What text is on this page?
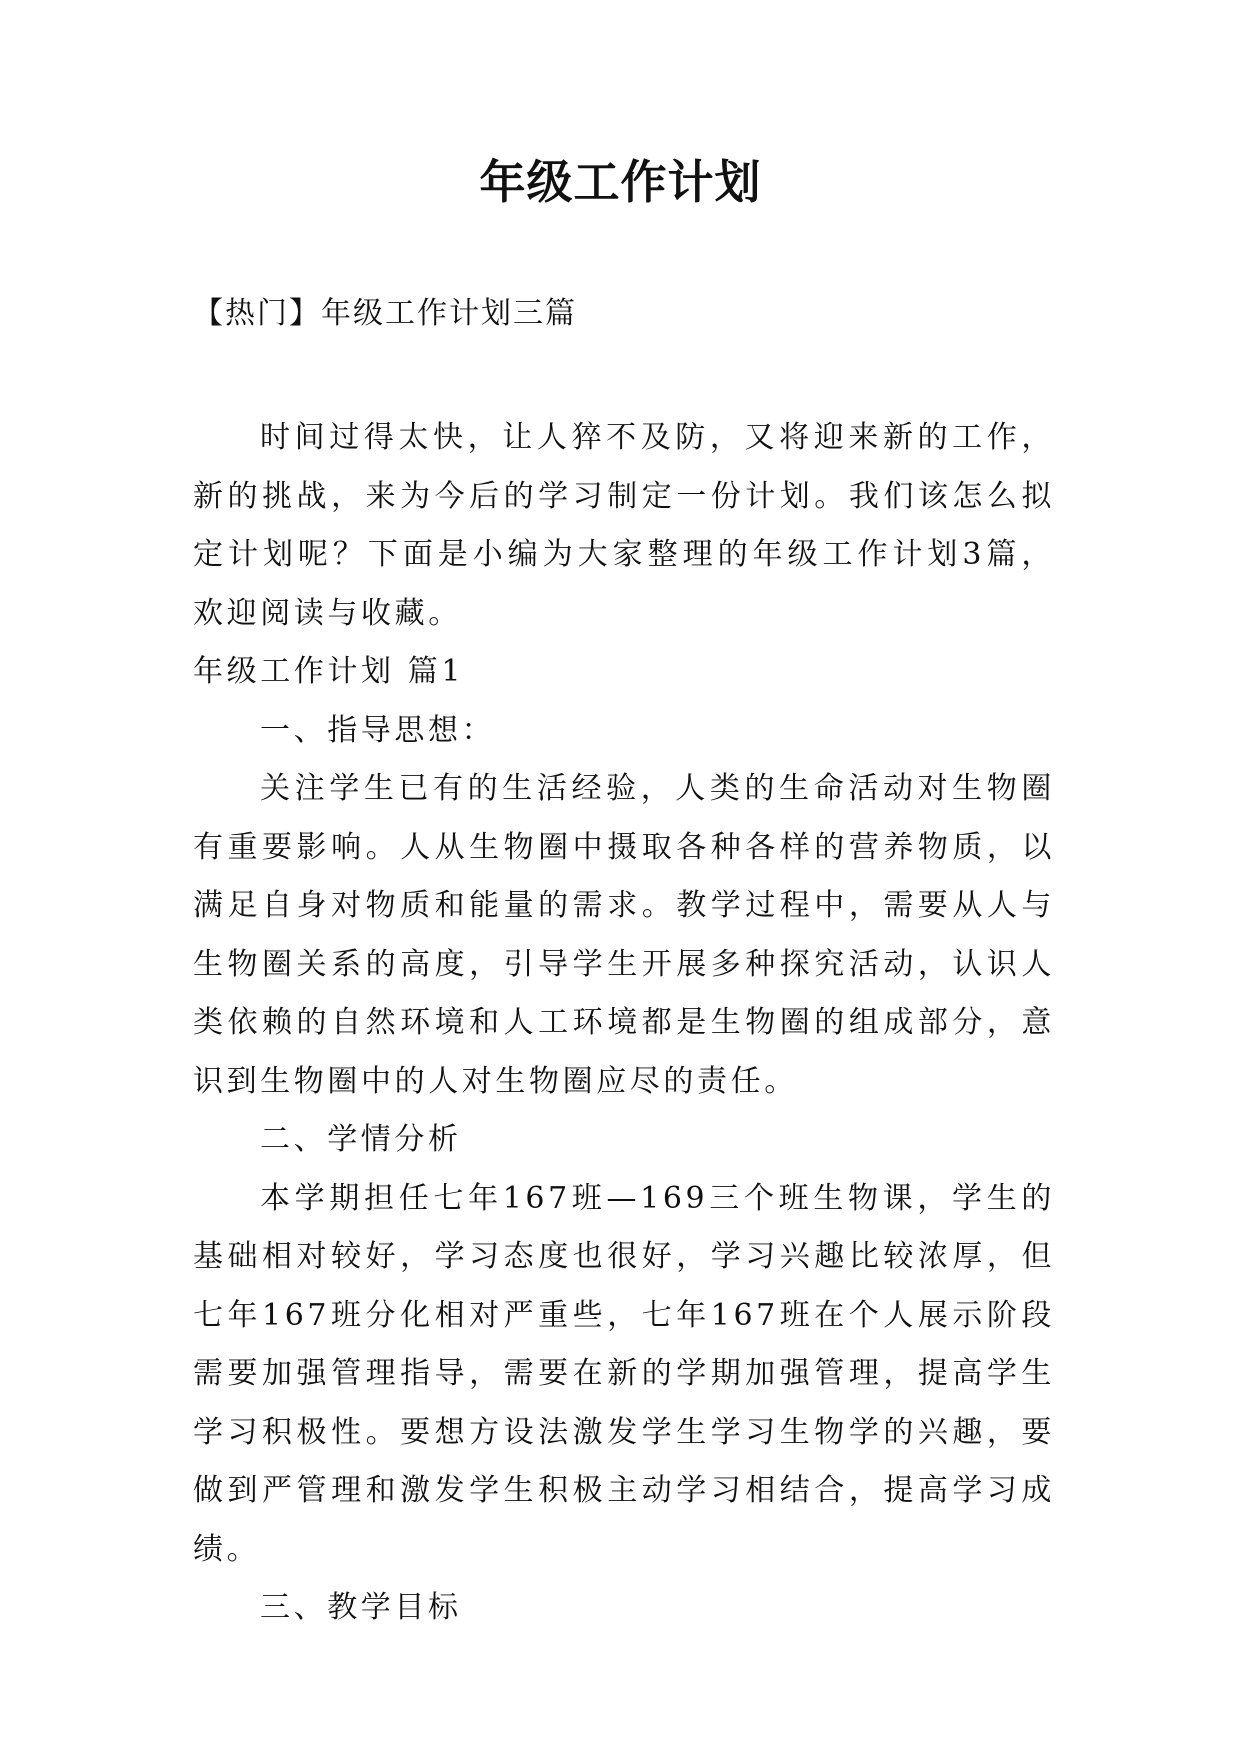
年级工作计划
【热门】年级工作计划三篇

时间过得太快，让人猝不及防，又将迎来新的工作，新的挑战，来为今后的学习制定一份计划。我们该怎么拟定计划呢？下面是小编为大家整理的年级工作计划3篇，欢迎阅读与收藏。

年级工作计划 篇1

一、指导思想：

关注学生已有的生活经验，人类的生命活动对生物圈有重要影响。人从生物圈中摄取各种各样的营养物质，以满足自身对物质和能量的需求。教学过程中，需要从人与生物圈关系的高度，引导学生开展多种探究活动，认识人类依赖的自然环境和人工环境都是生物圈的组成部分，意识到生物圈中的人对生物圈应尽的责任。

二、学情分析

本学期担任七年167班—169三个班生物课，学生的基础相对较好，学习态度也很好，学习兴趣比较浓厚，但七年167班分化相对严重些，七年167班在个人展示阶段需要加强管理指导，需要在新的学期加强管理，提高学生学习积极性。要想方设法激发学生学习生物学的兴趣，要做到严管理和激发学生积极主动学习相结合，提高学习成绩。

三、教学目标
